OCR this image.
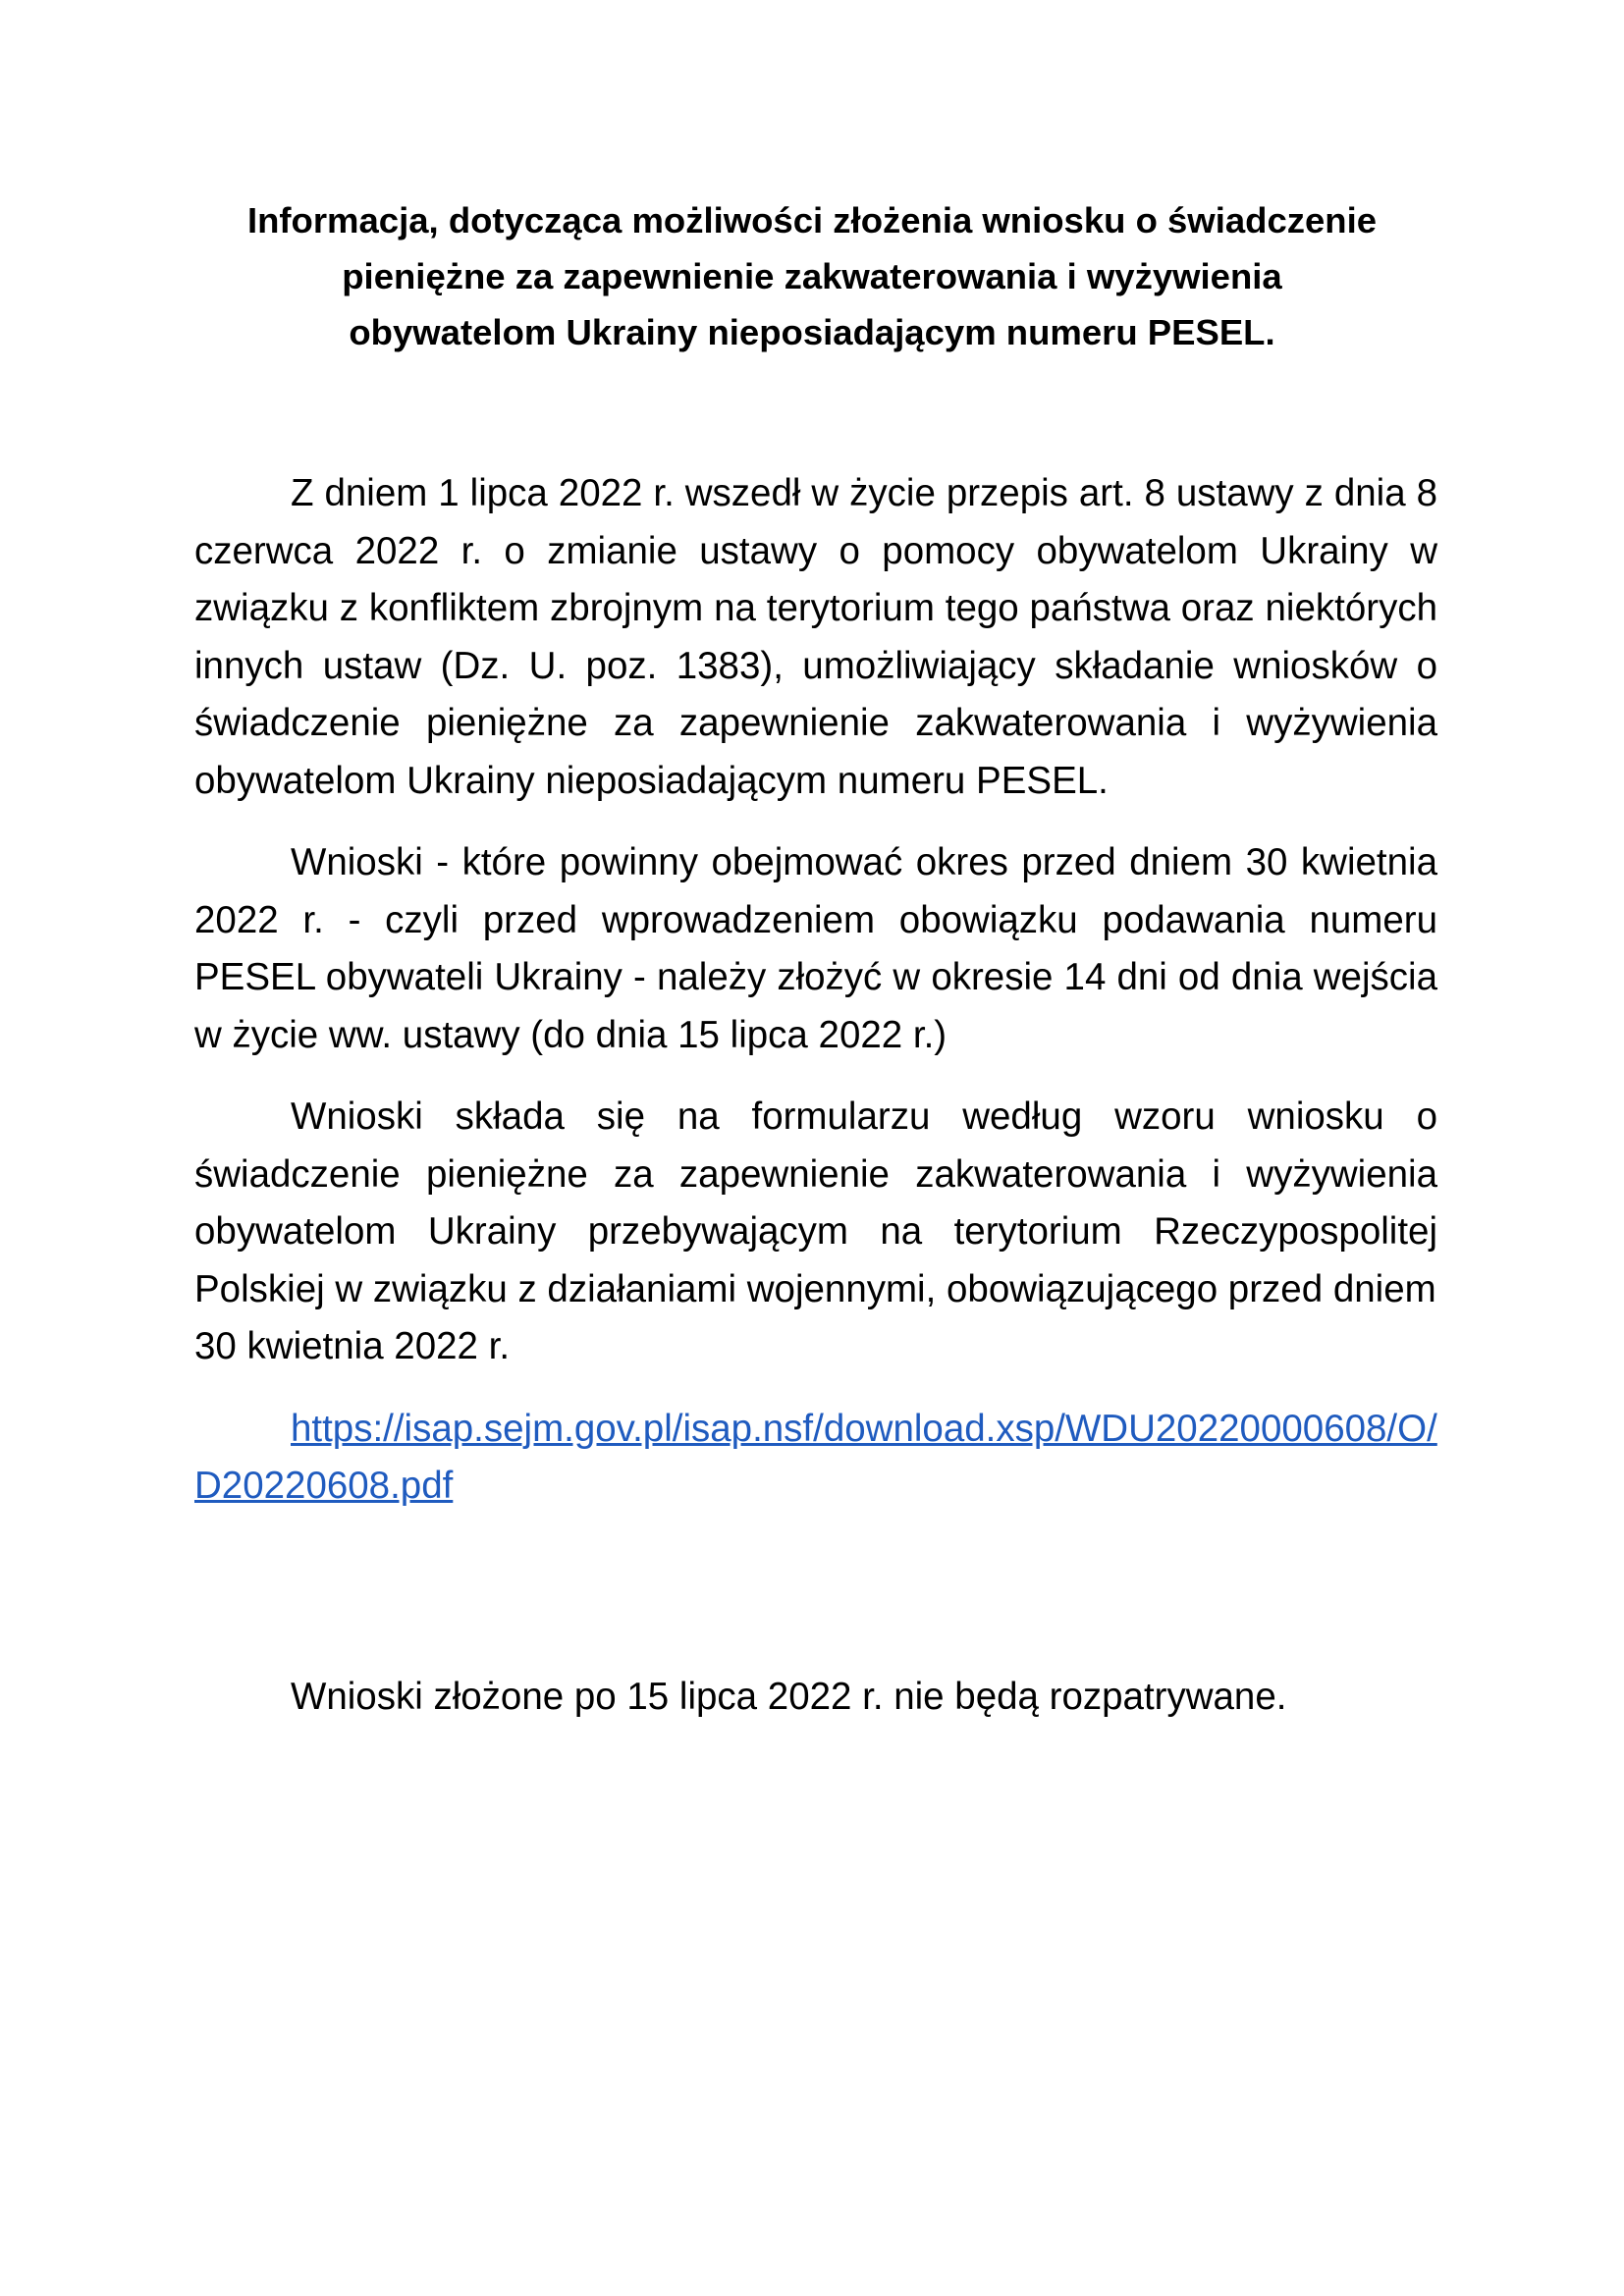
Informacja, dotycząca możliwości złożenia wniosku o świadczenie
pieniężne za zapewnienie zakwaterowania i wyżywienia
obywatelom Ukrainy nieposiadającym numeru PESEL.

Z dniem 1 lipca 2022 r. wszedł w życie przepis art. 8 ustawy z dnia 8 czerwca 2022 r. o zmianie ustawy o pomocy obywatelom Ukrainy w związku z konfliktem zbrojnym na terytorium tego państwa oraz niektórych innych ustaw (Dz. U. poz. 1383), umożliwiający składanie wniosków o świadczenie pieniężne za zapewnienie zakwaterowania i wyżywienia obywatelom Ukrainy nieposiadającym numeru PESEL.

Wnioski - które powinny obejmować okres przed dniem 30 kwietnia 2022 r. - czyli przed wprowadzeniem obowiązku podawania numeru PESEL obywateli Ukrainy - należy złożyć w okresie 14 dni od dnia wejścia w życie ww. ustawy (do dnia 15 lipca 2022 r.)

Wnioski składa się na formularzu według wzoru wniosku o świadczenie pieniężne za zapewnienie zakwaterowania i wyżywienia obywatelom Ukrainy przebywającym na terytorium Rzeczypospolitej Polskiej w związku z działaniami wojennymi, obowiązującego przed dniem
30 kwietnia 2022 r.

https://isap.sejm.gov.pl/isap.nsf/download.xsp/WDU20220000608/O/D20220608.pdf

Wnioski złożone po 15 lipca 2022 r. nie będą rozpatrywane.
